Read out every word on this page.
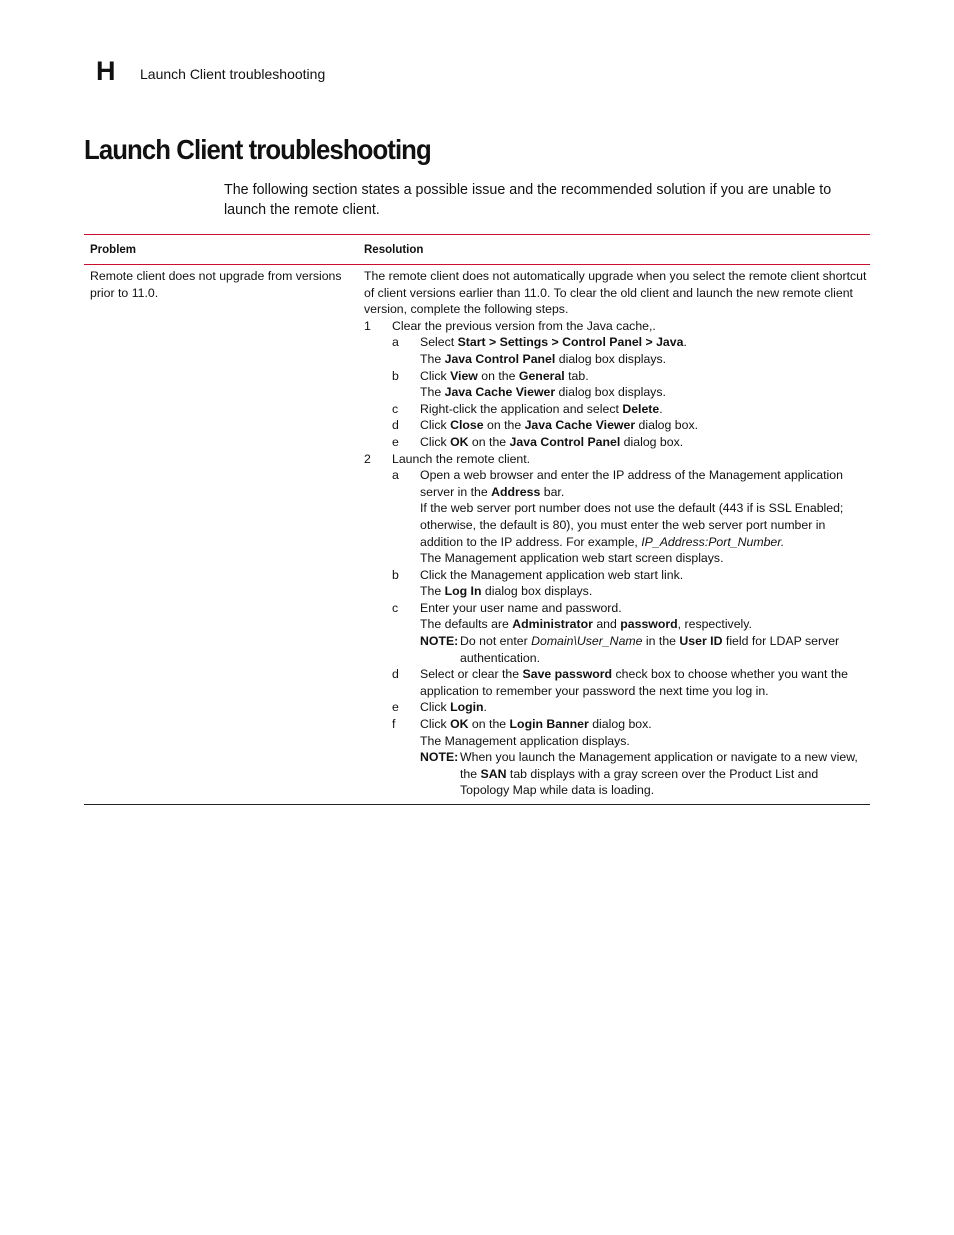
H Launch Client troubleshooting
Launch Client troubleshooting

The following section states a possible issue and the recommended solution if you are unable to launch the remote client.

Problem	Resolution

Remote client does not upgrade from versions prior to 11.0.

The remote client does not automatically upgrade when you select the remote client shortcut of client versions earlier than 11.0. To clear the old client and launch the new remote client version, complete the following steps.

1 Clear the previous version from the Java cache,.

a Select Start > Settings > Control Panel > Java.

The Java Control Panel dialog box displays.

b Click View on the General tab.

The Java Cache Viewer dialog box displays.

c Right-click the application and select Delete.

d Click Close on the Java Cache Viewer dialog box.

e Click OK on the Java Control Panel dialog box.

2 Launch the remote client.

a Open a web browser and enter the IP address of the Management application server in the Address bar.

If the web server port number does not use the default (443 if is SSL Enabled; otherwise, the default is 80), you must enter the web server port number in addition to the IP address. For example, IP_Address:Port_Number.

The Management application web start screen displays.

b Click the Management application web start link.

The Log In dialog box displays.

c Enter your user name and password.

The defaults are Administrator and password, respectively.

NOTE: Do not enter Domain\User_Name in the User ID field for LDAP server authentication.

d Select or clear the Save password check box to choose whether you want the application to remember your password the next time you log in.

e Click Login.

f Click OK on the Login Banner dialog box.

The Management application displays.

NOTE: When you launch the Management application or navigate to a new view, the SAN tab displays with a gray screen over the Product List and Topology Map while data is loading.
